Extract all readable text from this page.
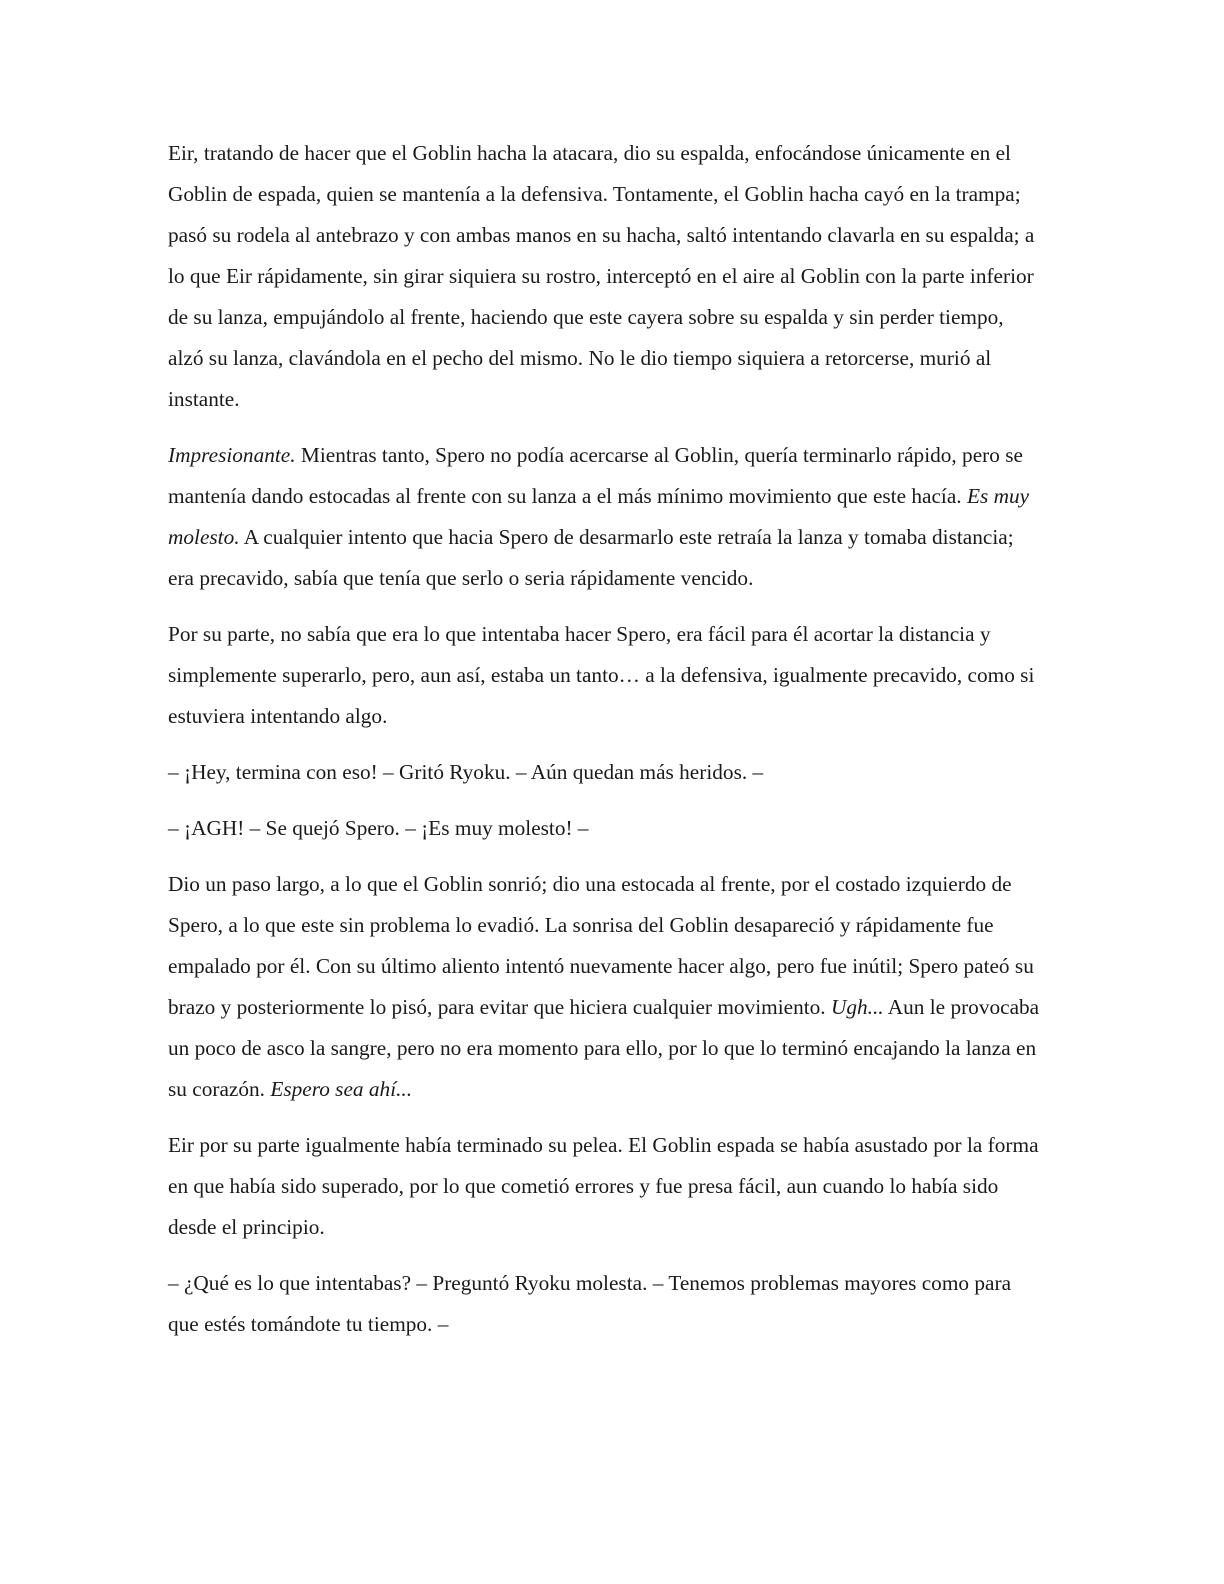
Eir, tratando de hacer que el Goblin hacha la atacara, dio su espalda, enfocándose únicamente en el Goblin de espada, quien se mantenía a la defensiva. Tontamente, el Goblin hacha cayó en la trampa; pasó su rodela al antebrazo y con ambas manos en su hacha, saltó intentando clavarla en su espalda; a lo que Eir rápidamente, sin girar siquiera su rostro, interceptó en el aire al Goblin con la parte inferior de su lanza, empujándolo al frente, haciendo que este cayera sobre su espalda y sin perder tiempo, alzó su lanza, clavándola en el pecho del mismo. No le dio tiempo siquiera a retorcerse, murió al instante.

Impresionante. Mientras tanto, Spero no podía acercarse al Goblin, quería terminarlo rápido, pero se mantenía dando estocadas al frente con su lanza a el más mínimo movimiento que este hacía. Es muy molesto. A cualquier intento que hacia Spero de desarmarlo este retraía la lanza y tomaba distancia; era precavido, sabía que tenía que serlo o seria rápidamente vencido.

Por su parte, no sabía que era lo que intentaba hacer Spero, era fácil para él acortar la distancia y simplemente superarlo, pero, aun así, estaba un tanto… a la defensiva, igualmente precavido, como si estuviera intentando algo.

– ¡Hey, termina con eso! – Gritó Ryoku. – Aún quedan más heridos. –

– ¡AGH! – Se quejó Spero. – ¡Es muy molesto! –

Dio un paso largo, a lo que el Goblin sonrió; dio una estocada al frente, por el costado izquierdo de Spero, a lo que este sin problema lo evadió. La sonrisa del Goblin desapareció y rápidamente fue empalado por él. Con su último aliento intentó nuevamente hacer algo, pero fue inútil; Spero pateó su brazo y posteriormente lo pisó, para evitar que hiciera cualquier movimiento. Ugh... Aun le provocaba un poco de asco la sangre, pero no era momento para ello, por lo que lo terminó encajando la lanza en su corazón. Espero sea ahí...

Eir por su parte igualmente había terminado su pelea. El Goblin espada se había asustado por la forma en que había sido superado, por lo que cometió errores y fue presa fácil, aun cuando lo había sido desde el principio.

– ¿Qué es lo que intentabas? – Preguntó Ryoku molesta. – Tenemos problemas mayores como para que estés tomándote tu tiempo. –
